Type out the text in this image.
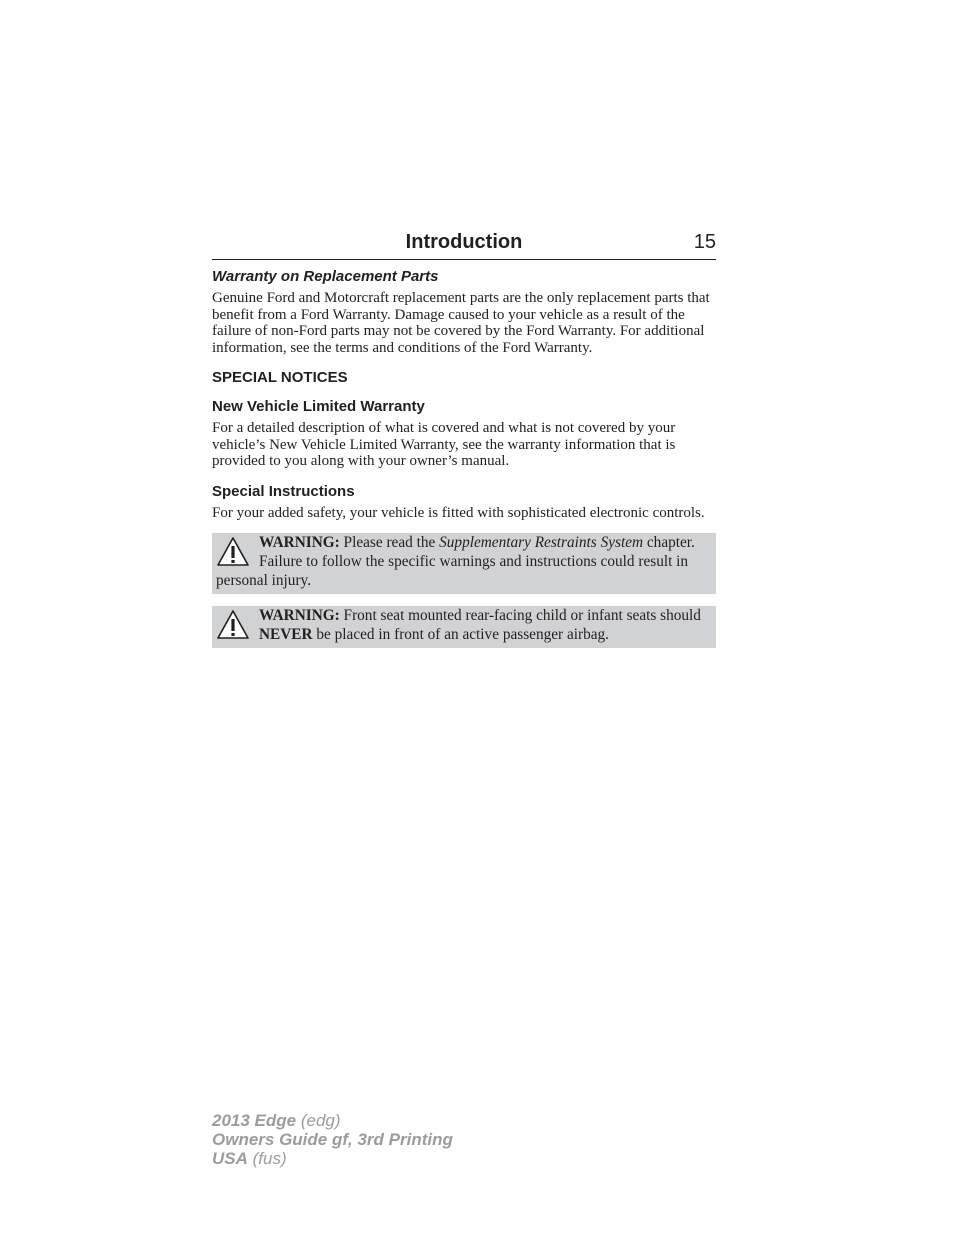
Introduction	15
Warranty on Replacement Parts

Genuine Ford and Motorcraft replacement parts are the only replacement parts that benefit from a Ford Warranty. Damage caused to your vehicle as a result of the failure of non-Ford parts may not be covered by the Ford Warranty. For additional information, see the terms and conditions of the Ford Warranty.

SPECIAL NOTICES
New Vehicle Limited Warranty

For a detailed description of what is covered and what is not covered by your vehicle’s New Vehicle Limited Warranty, see the warranty information that is provided to you along with your owner’s manual.

Special Instructions

For your added safety, your vehicle is fitted with sophisticated electronic controls.

WARNING: Please read the Supplementary Restraints System chapter. Failure to follow the specific warnings and instructions could result in personal injury.
WARNING: Front seat mounted rear-facing child or infant seats should NEVER be placed in front of an active passenger airbag.
2013 Edge (edg)
Owners Guide gf, 3rd Printing
USA (fus)
